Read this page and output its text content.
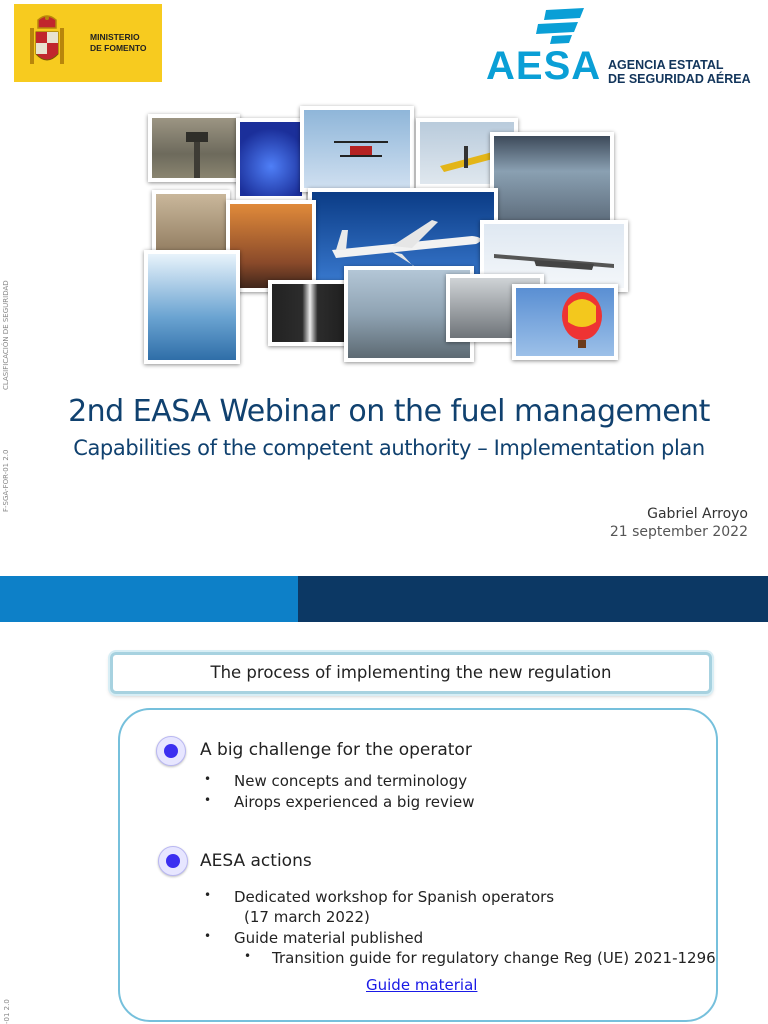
MINISTERIO
DE FOMENTO	AESA AGENCIA ESTATAL
DE SEGURIDAD AÉREA
CLASIFICACIÓN DE SEGURIDAD
F-SGA-FOR-01 2.0
2nd EASA Webinar on the fuel management
Capabilities of the competent authority – Implementation plan
Gabriel Arroyo
21 september 2022
-01 2.0
The process of implementing the new regulation
A big challenge for the operator
• New concepts and terminology
• Airops experienced a big review
AESA actions
• Dedicated workshop for Spanish operators
(17 march 2022)
• Guide material published
• Transition guide for regulatory change Reg (UE) 2021-1296
Guide material
